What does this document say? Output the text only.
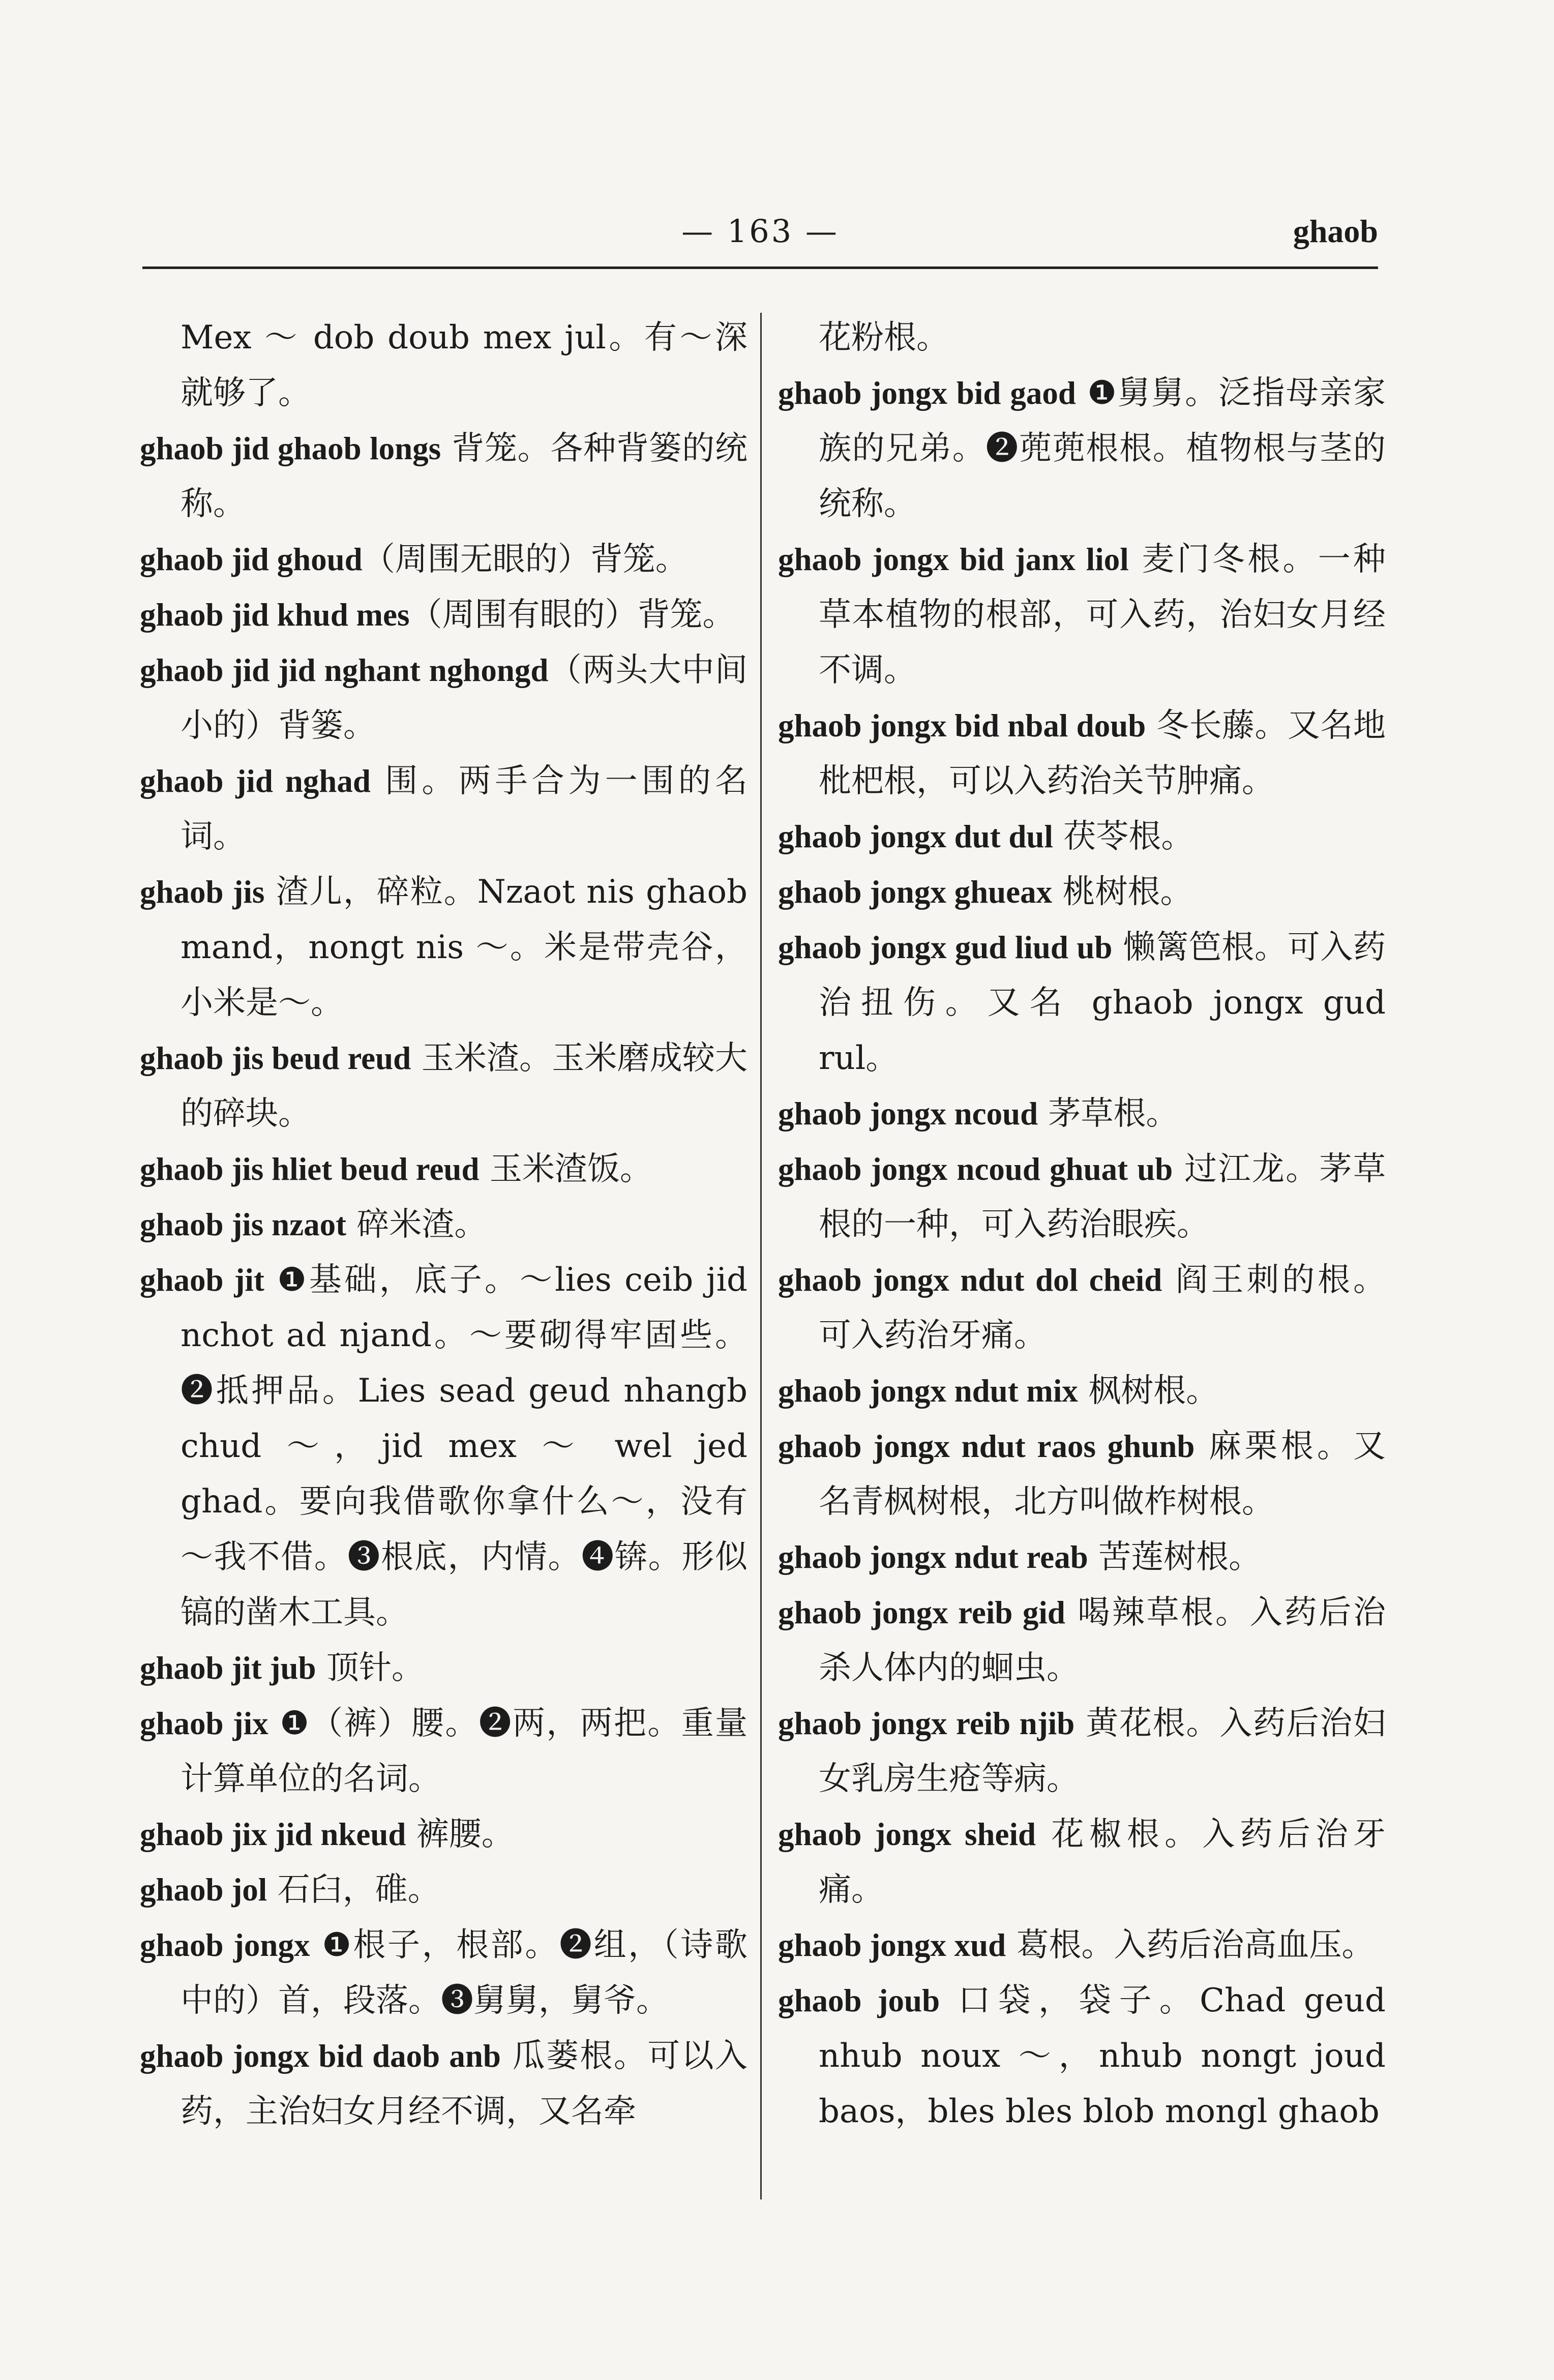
— 163 —	ghaob

Mex ～ dob doub mex jul。有～深就够了。

ghaob jid ghaob longs 背笼。各种背篓的统称。

ghaob jid ghoud（周围无眼的）背笼。

ghaob jid khud mes（周围有眼的）背笼。

ghaob jid jid nghant nghongd（两头大中间小的）背篓。

ghaob jid nghad 围。两手合为一围的名词。

ghaob jis 渣儿，碎粒。Nzaot nis ghaob mand，nongt nis ～。米是带壳谷，小米是～。

ghaob jis beud reud 玉米渣。玉米磨成较大的碎块。

ghaob jis hliet beud reud 玉米渣饭。

ghaob jis nzaot 碎米渣。

ghaob jit ❶基础，底子。～lies ceib jid nchot ad njand。～要砌得牢固些。❷抵押品。Lies sead geud nhangb chud ～，jid mex ～ wel jed ghad。要向我借歌你拿什么～，没有～我不借。❸根底，内情。❹锛。形似镐的凿木工具。

ghaob jit jub 顶针。

ghaob jix ❶（裤）腰。❷两，两把。重量计算单位的名词。

ghaob jix jid nkeud 裤腰。

ghaob jol 石臼，碓。

ghaob jongx ❶根子，根部。❷组，（诗歌中的）首，段落。❸舅舅，舅爷。

ghaob jongx bid daob anb 瓜蒌根。可以入药，主治妇女月经不调，又名牵

花粉根。

ghaob jongx bid gaod ❶舅舅。泛指母亲家族的兄弟。❷蔸蔸根根。植物根与茎的统称。

ghaob jongx bid janx liol 麦门冬根。一种草本植物的根部，可入药，治妇女月经不调。

ghaob jongx bid nbal doub 冬长藤。又名地枇杷根，可以入药治关节肿痛。

ghaob jongx dut dul 茯苓根。

ghaob jongx ghueax 桃树根。

ghaob jongx gud liud ub 懒篱笆根。可入药治扭伤。又名 ghaob jongx gud rul。

ghaob jongx ncoud 茅草根。

ghaob jongx ncoud ghuat ub 过江龙。茅草根的一种，可入药治眼疾。

ghaob jongx ndut dol cheid 阎王刺的根。可入药治牙痛。

ghaob jongx ndut mix 枫树根。

ghaob jongx ndut raos ghunb 麻栗根。又名青枫树根，北方叫做柞树根。

ghaob jongx ndut reab 苦莲树根。

ghaob jongx reib gid 喝辣草根。入药后治杀人体内的蛔虫。

ghaob jongx reib njib 黄花根。入药后治妇女乳房生疮等病。

ghaob jongx sheid 花椒根。入药后治牙痛。

ghaob jongx xud 葛根。入药后治高血压。

ghaob joub 口袋，袋子。Chad geud nhub noux ～，nhub nongt joud baos，bles bles blob mongl ghaob
